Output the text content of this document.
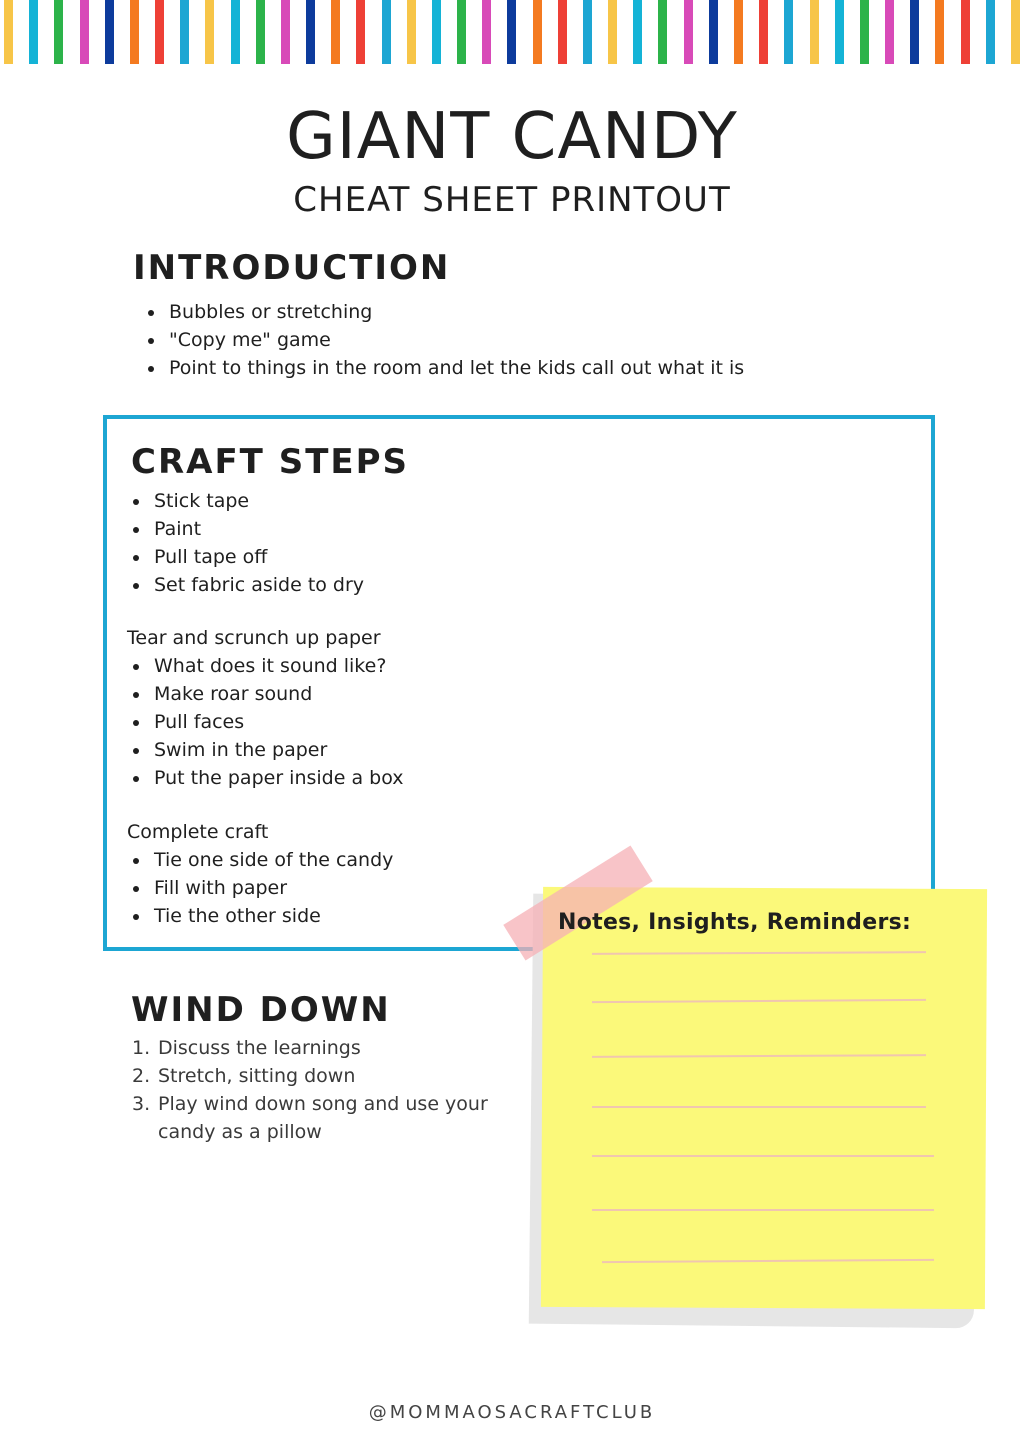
GIANT CANDY
CHEAT SHEET PRINTOUT
INTRODUCTION
Bubbles or stretching
"Copy me" game
Point to things in the room and let the kids call out what it is
CRAFT STEPS
Stick tape
Paint
Pull tape off
Set fabric aside to dry

Tear and scrunch up paper

What does it sound like?
Make roar sound
Pull faces
Swim in the paper
Put the paper inside a box

Complete craft

Tie one side of the candy
Fill with paper
Tie the other side
WIND DOWN
1. Discuss the learnings
2. Stretch, sitting down
3. Play wind down song and use your candy as a pillow

Notes, Insights, Reminders:

@MOMMAOSACRAFTCLUB
